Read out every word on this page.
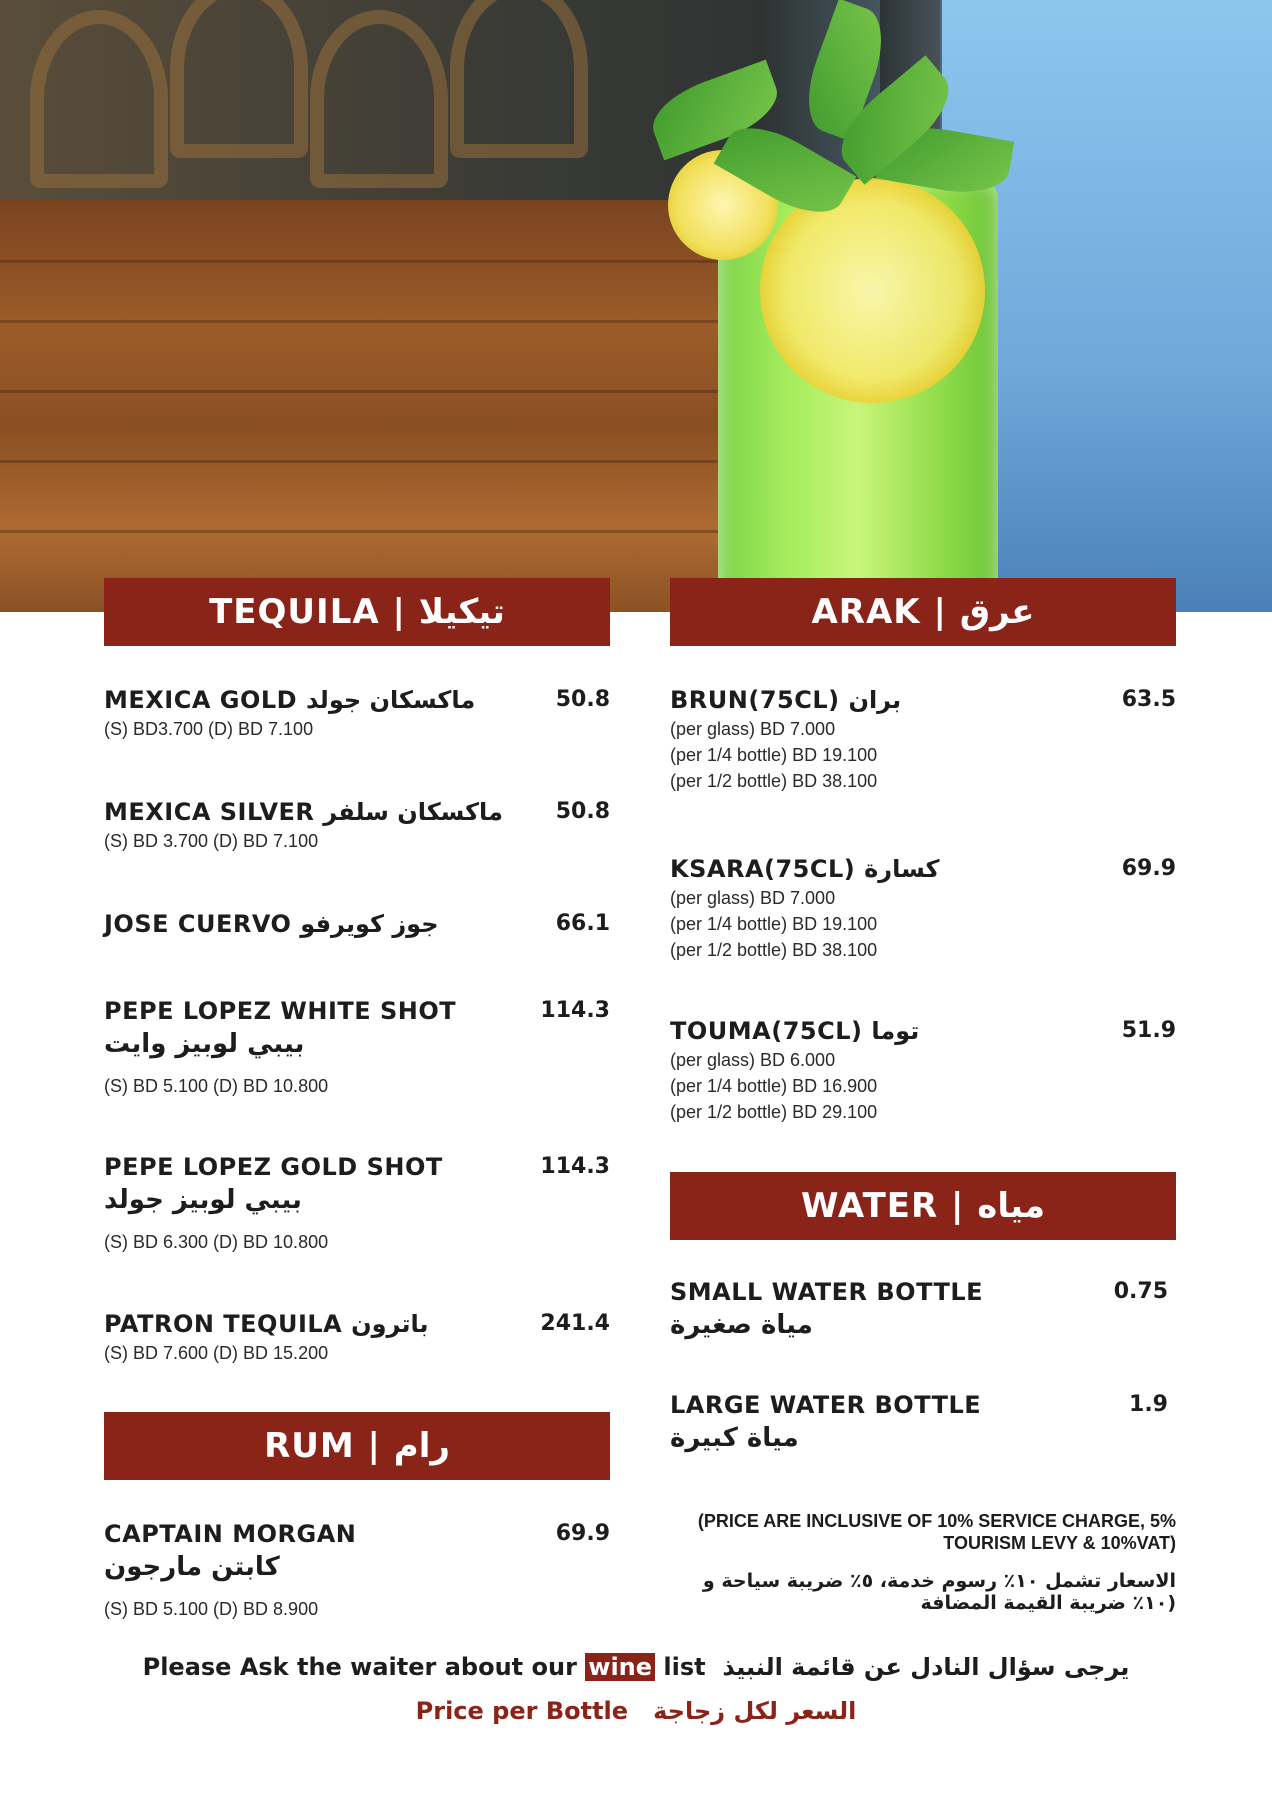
TEQUILA | تيكيلا
MEXICA GOLD ماكسكان جولد	50.8
(S) BD3.700 (D) BD 7.100
MEXICA SILVER ماكسكان سلفر	50.8
(S) BD 3.700 (D) BD 7.100
JOSE CUERVO جوز كويرفو	66.1
PEPE LOPEZ WHITE SHOT
بيبي لوبيز وايت
114.3
(S) BD 5.100 (D) BD 10.800
PEPE LOPEZ GOLD SHOT
بيبي لوبيز جولد
114.3
(S) BD 6.300 (D) BD 10.800
PATRON TEQUILA باترون	241.4
(S) BD 7.600 (D) BD 15.200
RUM | رام
CAPTAIN MORGAN
كابتن مارجون
69.9
(S) BD 5.100 (D) BD 8.900
ARAK | عرق
BRUN(75CL) بران	63.5
(per glass) BD 7.000
(per 1/4 bottle) BD 19.100
(per 1/2 bottle) BD 38.100
KSARA(75CL) كسارة	69.9
(per glass) BD 7.000
(per 1/4 bottle) BD 19.100
(per 1/2 bottle) BD 38.100
TOUMA(75CL) توما	51.9
(per glass) BD 6.000
(per 1/4 bottle) BD 16.900
(per 1/2 bottle) BD 29.100
WATER | مياه
SMALL WATER BOTTLE
مياة صغيرة
0.75
LARGE WATER BOTTLE
مياة كبيرة
1.9
(PRICE ARE INCLUSIVE OF 10% SERVICE CHARGE, 5%
TOURISM LEVY & 10%VAT)
الاسعار تشمل ١٠٪ رسوم خدمة، ٥٪ ضريبة سياحة و
(١٠٪ ضريبة القيمة المضافة
Please Ask the waiter about our wine list يرجى سؤال النادل عن قائمة النبيذ
Price per Bottle السعر لكل زجاجة
